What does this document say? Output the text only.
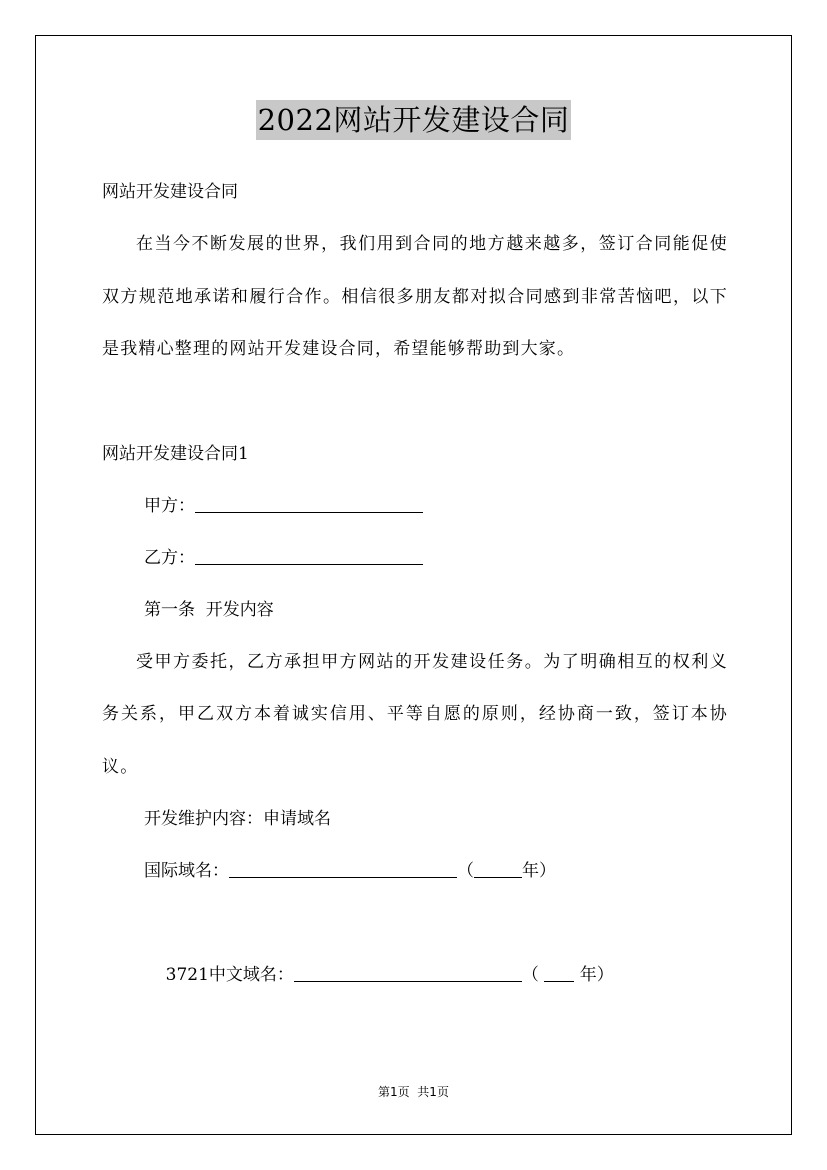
2022网站开发建设合同
网站开发建设合同
在当今不断发展的世界，我们用到合同的地方越来越多，签订合同能促使双方规范地承诺和履行合作。相信很多朋友都对拟合同感到非常苦恼吧，以下是我精心整理的网站开发建设合同，希望能够帮助到大家。
网站开发建设合同1
甲方：
乙方：
第一条  开发内容
受甲方委托，乙方承担甲方网站的开发建设任务。为了明确相互的权利义务关系，甲乙双方本着诚实信用、平等自愿的原则，经协商一致，签订本协议。
开发维护内容：申请域名
国际域名：	（	年）

3721中文域名：	（  年）

第1页  共1页
